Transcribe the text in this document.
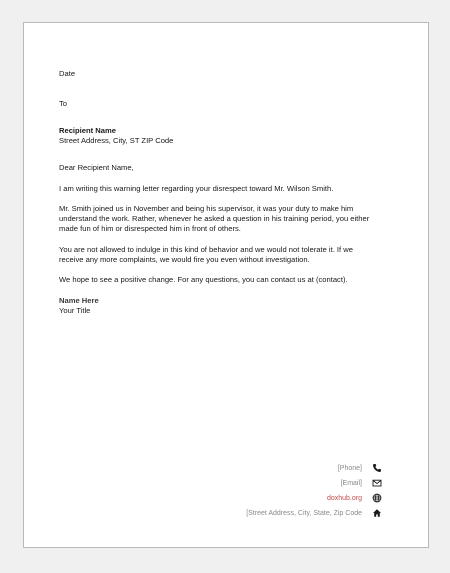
Date
To
Recipient Name
Street Address, City, ST ZIP Code
Dear Recipient Name,
I am writing this warning letter regarding your disrespect toward Mr. Wilson Smith.
Mr. Smith joined us in November and being his supervisor, it was your duty to make him
understand the work. Rather, whenever he asked a question in his training period, you either
made fun of him or disrespected him in front of others.
You are not allowed to indulge in this kind of behavior and we would not tolerate it. If we
receive any more complaints, we would fire you even without investigation.
We hope to see a positive change. For any questions, you can contact us at (contact).
Name Here
Your Title
[Phone]
[Email]
doxhub.org
[Street Address, City, State, Zip Code
